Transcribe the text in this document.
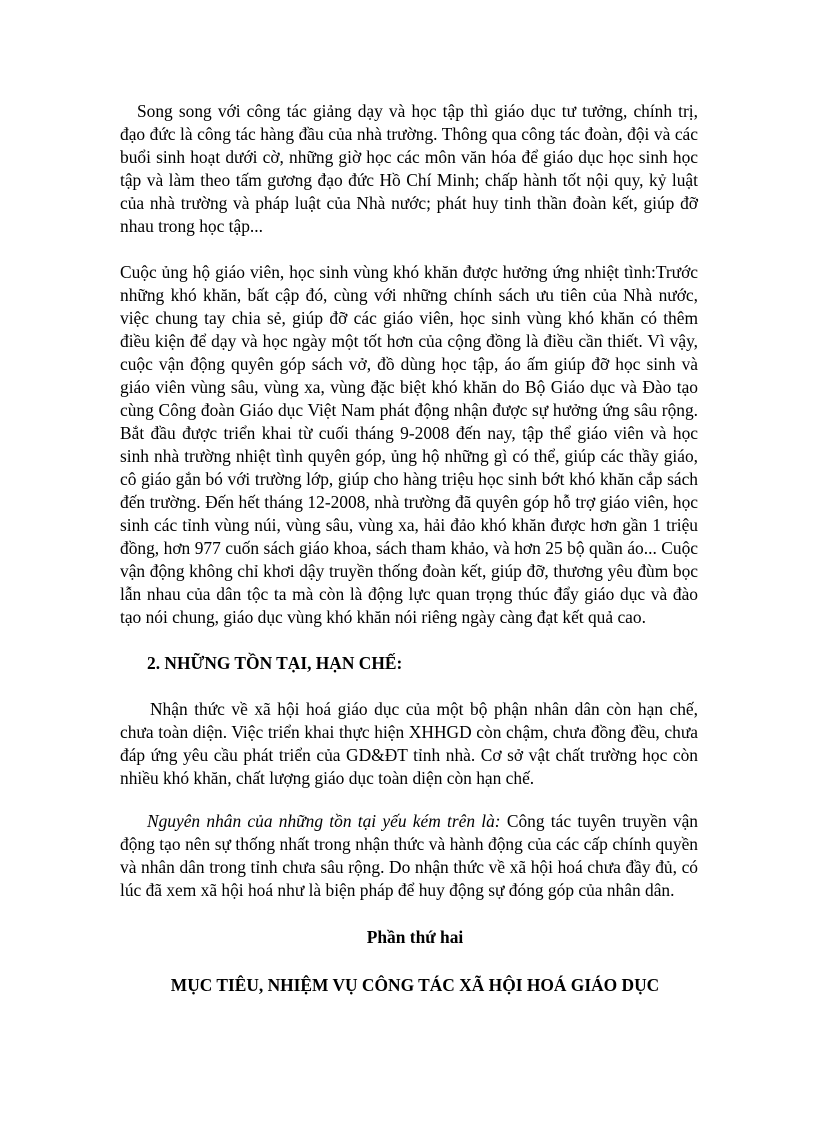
Song song với công tác giảng dạy và học tập thì giáo dục tư tưởng, chính trị, đạo đức là công tác hàng đầu của nhà trường. Thông qua công tác đoàn, đội và các buổi sinh hoạt dưới cờ, những giờ học các môn văn hóa để giáo dục học sinh học tập và làm theo tấm gương đạo đức Hồ Chí Minh; chấp hành tốt nội quy, kỷ luật của nhà trường và pháp luật của Nhà nước; phát huy tinh thần đoàn kết, giúp đỡ nhau trong học tập...

Cuộc ủng hộ giáo viên, học sinh vùng khó khăn được hưởng ứng nhiệt tình:Trước những khó khăn, bất cập đó, cùng với những chính sách ưu tiên của Nhà nước, việc chung tay chia sẻ, giúp đỡ các giáo viên, học sinh vùng khó khăn có thêm điều kiện để dạy và học ngày một tốt hơn của cộng đồng là điều cần thiết. Vì vậy, cuộc vận động quyên góp sách vở, đồ dùng học tập, áo ấm giúp đỡ học sinh và giáo viên vùng sâu, vùng xa, vùng đặc biệt khó khăn do Bộ Giáo dục và Đào tạo cùng Công đoàn Giáo dục Việt Nam phát động nhận được sự hưởng ứng sâu rộng. Bắt đầu được triển khai từ cuối tháng 9-2008 đến nay, tập thể giáo viên và học sinh nhà trường nhiệt tình quyên góp, ủng hộ những gì có thể, giúp các thầy giáo, cô giáo gắn bó với trường lớp, giúp cho hàng triệu học sinh bớt khó khăn cắp sách đến trường. Đến hết tháng 12-2008, nhà trường đã quyên góp hỗ trợ giáo viên, học sinh các tỉnh vùng núi, vùng sâu, vùng xa, hải đảo khó khăn được hơn gần 1 triệu đồng, hơn 977 cuốn sách giáo khoa, sách tham khảo, và hơn 25 bộ quần áo... Cuộc vận động không chỉ khơi dậy truyền thống đoàn kết, giúp đỡ, thương yêu đùm bọc lẫn nhau của dân tộc ta mà còn là động lực quan trọng thúc đẩy giáo dục và đào tạo nói chung, giáo dục vùng khó khăn nói riêng ngày càng đạt kết quả cao.

2. NHỮNG TỒN TẠI, HẠN CHẾ:

Nhận thức về xã hội hoá giáo dục của một bộ phận nhân dân còn hạn chế, chưa toàn diện. Việc triển khai thực hiện XHHGD còn chậm, chưa đồng đều, chưa đáp ứng yêu cầu phát triển của GD&ĐT tỉnh nhà. Cơ sở vật chất trường học còn nhiều khó khăn, chất lượng giáo dục toàn diện còn hạn chế.

Nguyên nhân của những tồn tại yếu kém trên là: Công tác tuyên truyền vận động tạo nên sự thống nhất trong nhận thức và hành động của các cấp chính quyền và nhân dân trong tỉnh chưa sâu rộng. Do nhận thức về xã hội hoá chưa đầy đủ, có lúc đã xem xã hội hoá như là biện pháp để huy động sự đóng góp của nhân dân.

Phần thứ hai
MỤC TIÊU, NHIỆM VỤ CÔNG TÁC XÃ HỘI HOÁ GIÁO DỤC
